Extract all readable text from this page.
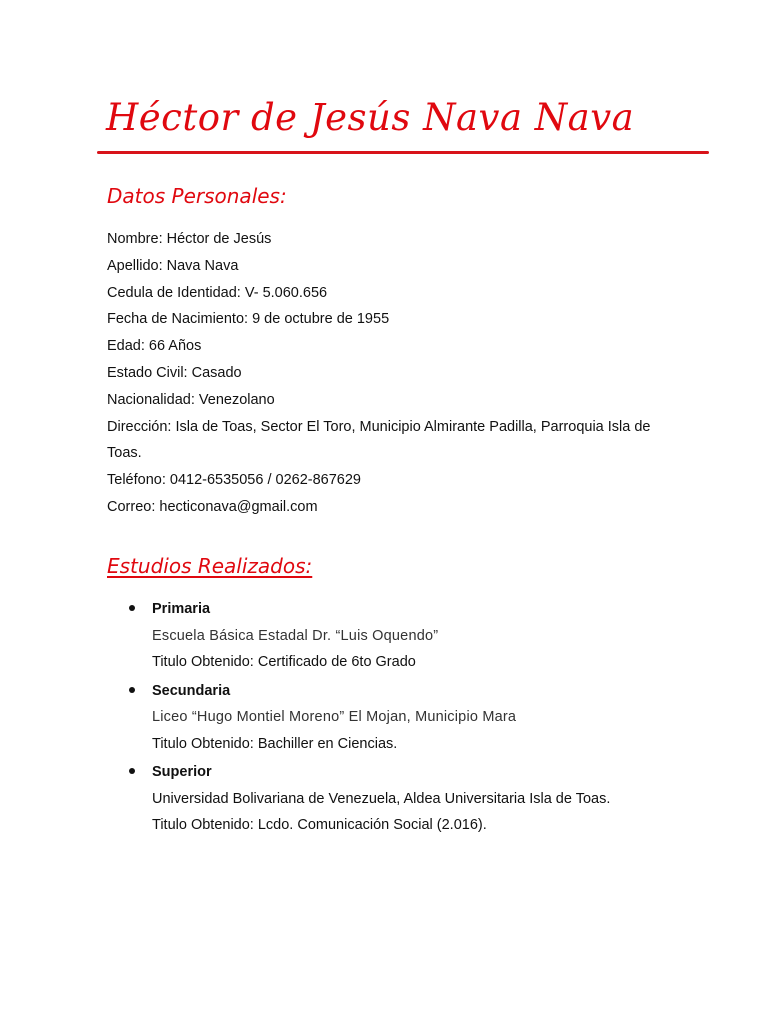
Héctor de Jesús Nava Nava
Datos Personales:
Nombre: Héctor de Jesús
Apellido: Nava Nava
Cedula de Identidad: V- 5.060.656
Fecha de Nacimiento: 9 de octubre de 1955
Edad: 66 Años
Estado Civil: Casado
Nacionalidad: Venezolano
Dirección: Isla de Toas, Sector El Toro, Municipio Almirante Padilla, Parroquia Isla de Toas.
Teléfono: 0412-6535056 / 0262-867629
Correo: hecticonava@gmail.com
Estudios Realizados:
Primaria
Escuela Básica Estadal Dr. “Luis Oquendo”
Titulo Obtenido: Certificado de 6to Grado
Secundaria
Liceo “Hugo Montiel Moreno” El Mojan, Municipio Mara
Titulo Obtenido: Bachiller en Ciencias.
Superior
Universidad Bolivariana de Venezuela, Aldea Universitaria Isla de Toas.
Titulo Obtenido: Lcdo. Comunicación Social (2.016).
